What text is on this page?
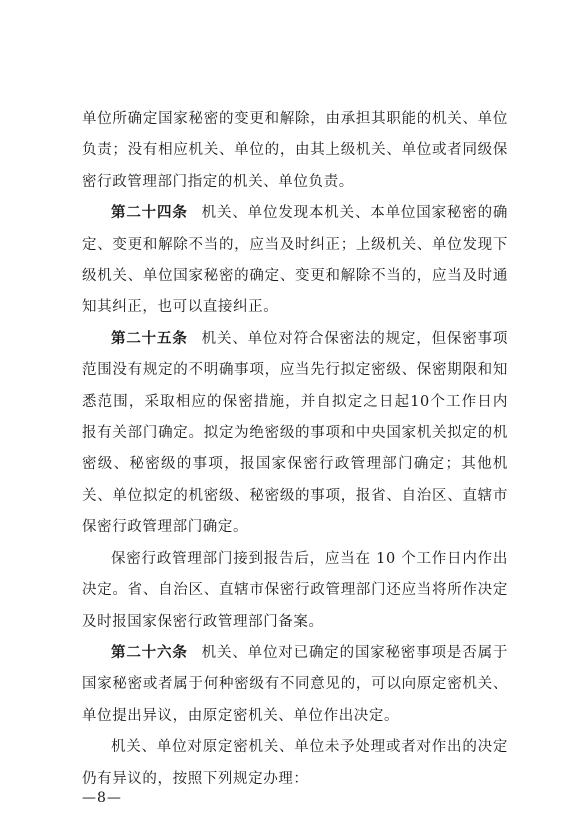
单位所确定国家秘密的变更和解除，由承担其职能的机关、单位负责；没有相应机关、单位的，由其上级机关、单位或者同级保密行政管理部门指定的机关、单位负责。

第二十四条 机关、单位发现本机关、本单位国家秘密的确定、变更和解除不当的，应当及时纠正；上级机关、单位发现下级机关、单位国家秘密的确定、变更和解除不当的，应当及时通知其纠正，也可以直接纠正。

第二十五条 机关、单位对符合保密法的规定，但保密事项范围没有规定的不明确事项，应当先行拟定密级、保密期限和知悉范围，采取相应的保密措施，并自拟定之日起10个工作日内报有关部门确定。拟定为绝密级的事项和中央国家机关拟定的机密级、秘密级的事项，报国家保密行政管理部门确定；其他机关、单位拟定的机密级、秘密级的事项，报省、自治区、直辖市保密行政管理部门确定。

保密行政管理部门接到报告后，应当在 10 个工作日内作出决定。省、自治区、直辖市保密行政管理部门还应当将所作决定及时报国家保密行政管理部门备案。

第二十六条 机关、单位对已确定的国家秘密事项是否属于国家秘密或者属于何种密级有不同意见的，可以向原定密机关、单位提出异议，由原定密机关、单位作出决定。

机关、单位对原定密机关、单位未予处理或者对作出的决定仍有异议的，按照下列规定办理：

—8—
